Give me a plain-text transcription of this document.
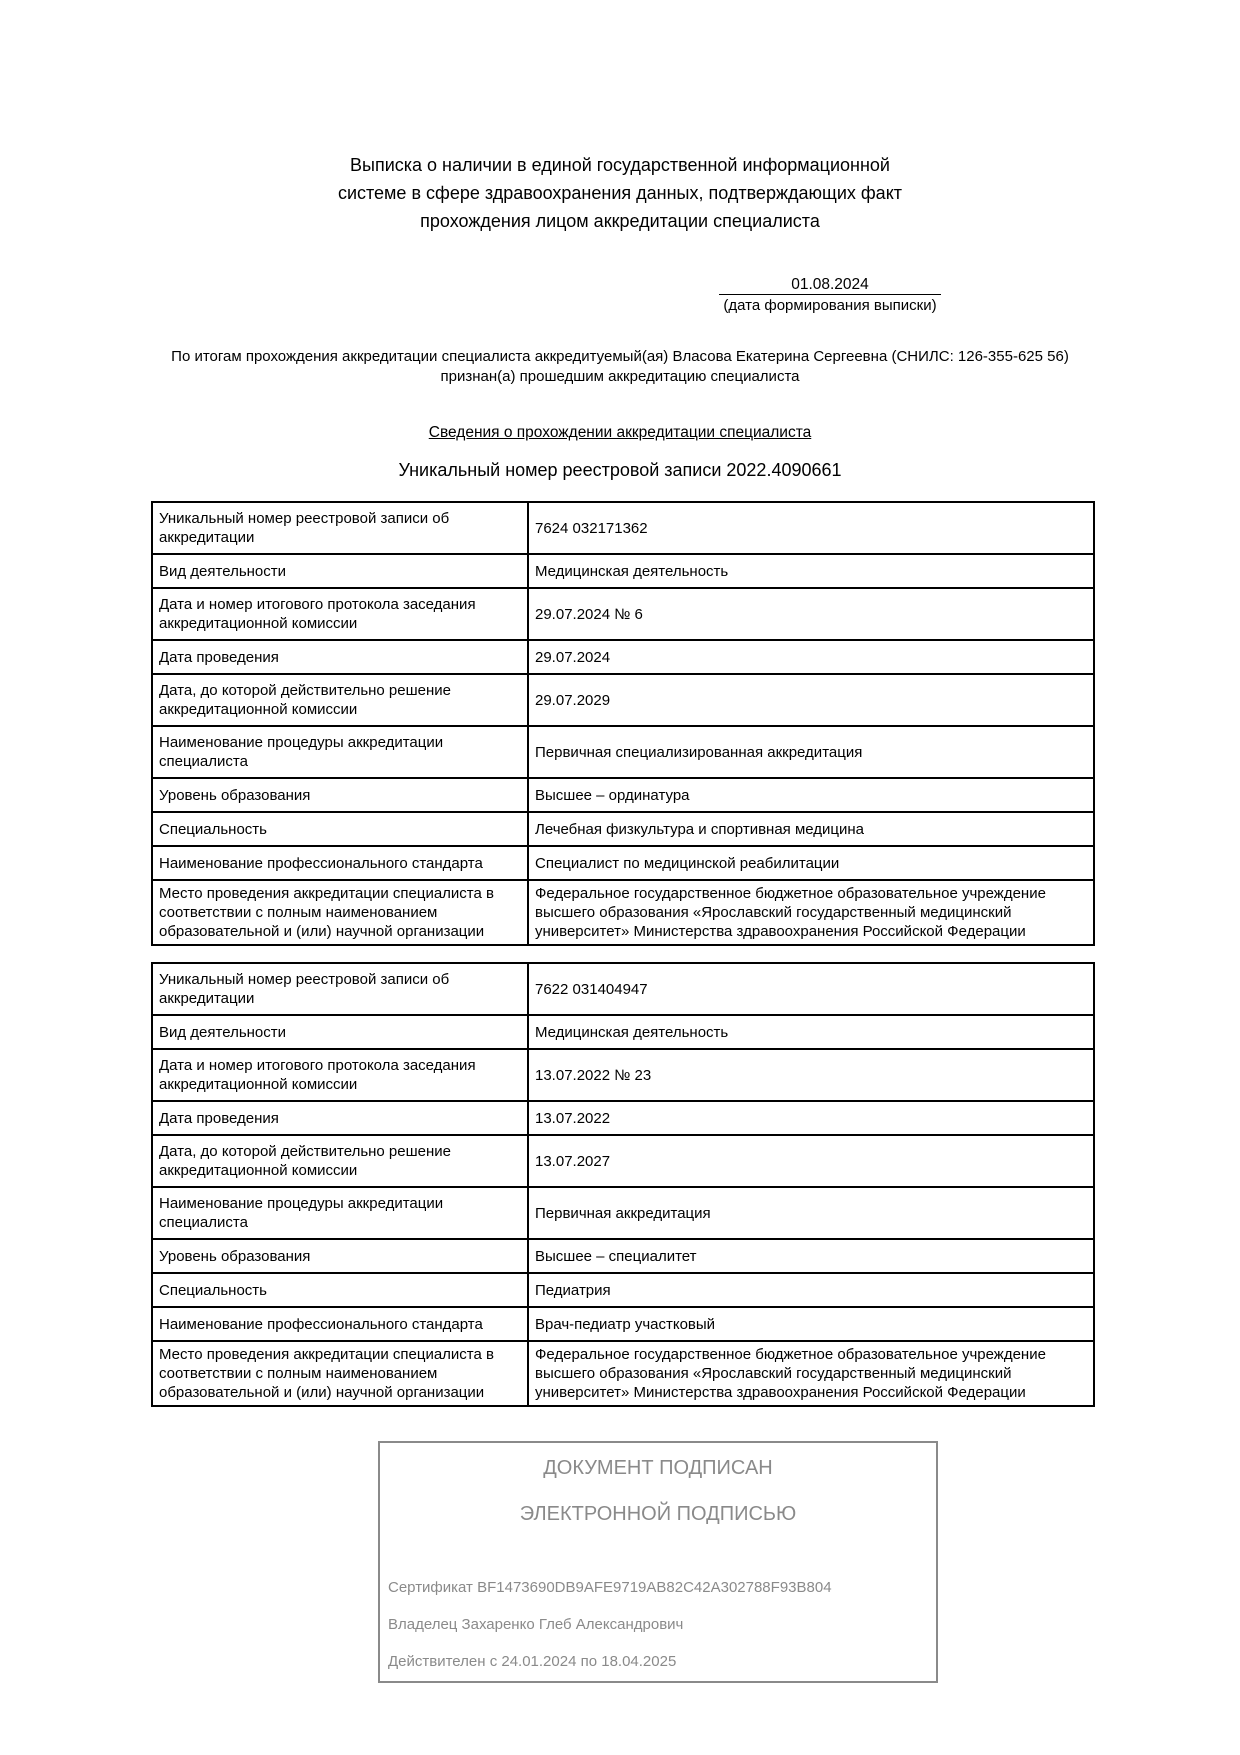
Выписка о наличии в единой государственной информационной
системе в сфере здравоохранения данных, подтверждающих факт
прохождения лицом аккредитации специалиста
01.08.2024
(дата формирования выписки)
По итогам прохождения аккредитации специалиста аккредитуемый(ая) Власова Екатерина Сергеевна (СНИЛС: 126-355-625 56)
признан(а) прошедшим аккредитацию специалиста
Сведения о прохождении аккредитации специалиста
Уникальный номер реестровой записи 2022.4090661
Уникальный номер реестровой записи об аккредитации	7624 032171362
Вид деятельности	Медицинская деятельность
Дата и номер итогового протокола заседания аккредитационной комиссии	29.07.2024 № 6
Дата проведения	29.07.2024
Дата, до которой действительно решение аккредитационной комиссии	29.07.2029
Наименование процедуры аккредитации специалиста	Первичная специализированная аккредитация
Уровень образования	Высшее – ординатура
Специальность	Лечебная физкультура и спортивная медицина
Наименование профессионального стандарта	Специалист по медицинской реабилитации
Место проведения аккредитации специалиста в соответствии с полным наименованием образовательной и (или) научной организации	Федеральное государственное бюджетное образовательное учреждение высшего образования «Ярославский государственный медицинский университет» Министерства здравоохранения Российской Федерации
Уникальный номер реестровой записи об аккредитации	7622 031404947
Вид деятельности	Медицинская деятельность
Дата и номер итогового протокола заседания аккредитационной комиссии	13.07.2022 № 23
Дата проведения	13.07.2022
Дата, до которой действительно решение аккредитационной комиссии	13.07.2027
Наименование процедуры аккредитации специалиста	Первичная аккредитация
Уровень образования	Высшее – специалитет
Специальность	Педиатрия
Наименование профессионального стандарта	Врач-педиатр участковый
Место проведения аккредитации специалиста в соответствии с полным наименованием образовательной и (или) научной организации	Федеральное государственное бюджетное образовательное учреждение высшего образования «Ярославский государственный медицинский университет» Министерства здравоохранения Российской Федерации
ДОКУМЕНТ ПОДПИСАН
ЭЛЕКТРОННОЙ ПОДПИСЬЮ
Сертификат BF1473690DB9AFE9719AB82C42A302788F93B804
Владелец Захаренко Глеб Александрович
Действителен с 24.01.2024 по 18.04.2025
